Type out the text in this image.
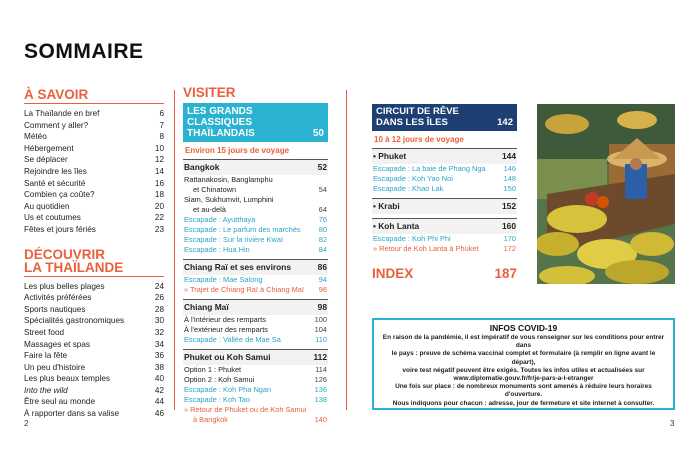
SOMMAIRE
À SAVOIR
La Thaïlande en bref	6
Comment y aller?	7
Météo	8
Hébergement	10
Se déplacer	12
Rejoindre les îles	14
Santé et sécurité	16
Combien ça coûte?	18
Au quotidien	20
Us et coutumes	22
Fêtes et jours fériés	23
DÉCOUVRIR
LA THAÏLANDE
Les plus belles plages	24
Activités préférées	26
Sports nautiques	28
Spécialités gastronomiques	30
Street food	32
Massages et spas	34
Faire la fête	36
Un peu d'histoire	38
Les plus beaux temples	40
Into the wild	42
Être seul au monde	44
À rapporter dans sa valise	46
VISITER
LES GRANDS CLASSIQUES
THAÏLANDAIS	50
Environ 15 jours de voyage
Bangkok	52
Rattanakosin, Banglamphu
et Chinatown	54
Siam, Sukhumvit, Lumphini
et au-delà	64
Escapade : Ayutthaya	76
Escapade : Le parfum des marchés 80
Escapade : Sur la rivière Kwaï	82
Escapade : Hua Hin	84
Chiang Raï et ses environs	86
Escapade : Mae Salong	94
» Trajet de Chiang Raï à Chiang Maï 96
Chiang Maï	98
À l'intérieur des remparts	100
À l'extérieur des remparts	104
Escapade : Vallée de Mae Sa	110
Phuket ou Koh Samui	112
Option 1 : Phuket	114
Option 2 : Koh Samui	126
Escapade : Koh Pha Ngan	136
Escapade : Koh Tao	138
» Retour de Phuket ou de Koh Samui
à Bangkok	140
CIRCUIT DE RÊVE
DANS LES ÎLES	142
10 à 12 jours de voyage
• Phuket	144
Escapade : La baie de Phang Nga 146
Escapade : Koh Yao Noi	148
Escapade : Khao Lak	150
• Krabi	152
• Koh Lanta	160
Escapade : Koh Phi Phi	170
» Retour de Koh Lanta à Phuket	172
INDEX	187
INFOS COVID-19
En raison de la pandémie, il est impératif de vous renseigner sur les conditions pour entrer dans
le pays : preuve de schéma vaccinal complet et formulaire (à remplir en ligne avant le départ),
voire test négatif peuvent être exigés. Toutes les infos utiles et actualisées sur
www.diplomatie.gouv.fr/fr/je-pars-a-l-etranger
Une fois sur place : de nombreux monuments sont amenés à réduire leurs horaires d'ouverture.
Nous indiquons pour chacun : adresse, jour de fermeture et site internet à consulter.
2	3
